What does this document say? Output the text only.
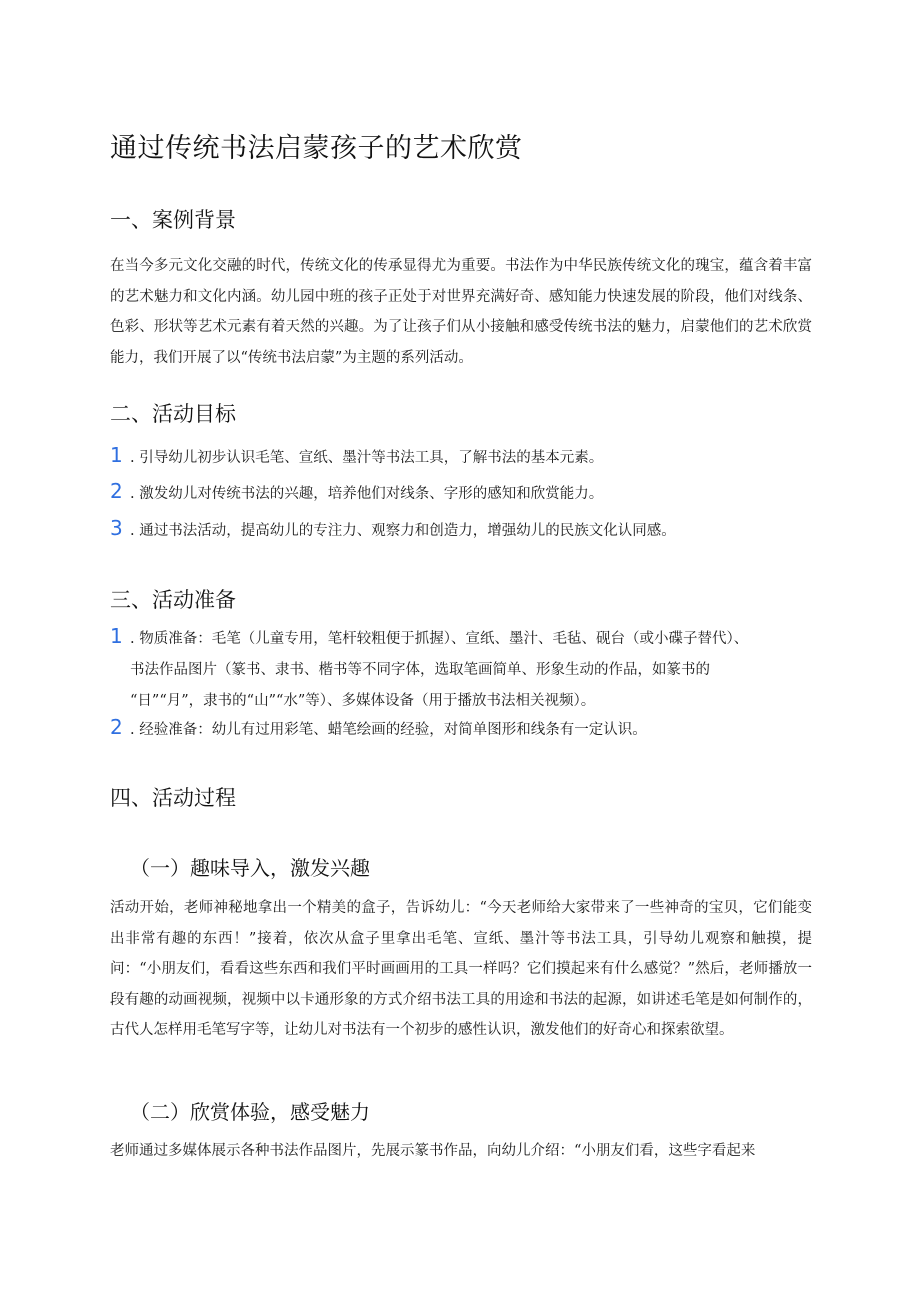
通过传统书法启蒙孩子的艺术欣赏
一、案例背景

在当今多元文化交融的时代，传统文化的传承显得尤为重要。书法作为中华民族传统文化的瑰宝，蕴含着丰富的艺术魅力和文化内涵。幼儿园中班的孩子正处于对世界充满好奇、感知能力快速发展的阶段，他们对线条、色彩、形状等艺术元素有着天然的兴趣。为了让孩子们从小接触和感受传统书法的魅力，启蒙他们的艺术欣赏能力，我们开展了以“传统书法启蒙”为主题的系列活动。

二、活动目标
1 . 引导幼儿初步认识毛笔、宣纸、墨汁等书法工具，了解书法的基本元素。
2 . 激发幼儿对传统书法的兴趣，培养他们对线条、字形的感知和欣赏能力。
3 . 通过书法活动，提高幼儿的专注力、观察力和创造力，增强幼儿的民族文化认同感。
三、活动准备
1 . 物质准备：毛笔（儿童专用，笔杆较粗便于抓握）、宣纸、墨汁、毛毡、砚台（或小碟子替代）、
书法作品图片（篆书、隶书、楷书等不同字体，选取笔画简单、形象生动的作品，如篆书的
“日”“月”，隶书的“山”“水”等）、多媒体设备（用于播放书法相关视频）。
2 . 经验准备：幼儿有过用彩笔、蜡笔绘画的经验，对简单图形和线条有一定认识。
四、活动过程
（一）趣味导入，激发兴趣

活动开始，老师神秘地拿出一个精美的盒子，告诉幼儿：“今天老师给大家带来了一些神奇的宝贝，它们能变出非常有趣的东西！”接着，依次从盒子里拿出毛笔、宣纸、墨汁等书法工具，引导幼儿观察和触摸，提问：“小朋友们，看看这些东西和我们平时画画用的工具一样吗？它们摸起来有什么感觉？”然后，老师播放一段有趣的动画视频，视频中以卡通形象的方式介绍书法工具的用途和书法的起源，如讲述毛笔是如何制作的，古代人怎样用毛笔写字等，让幼儿对书法有一个初步的感性认识，激发他们的好奇心和探索欲望。

（二）欣赏体验，感受魅力

老师通过多媒体展示各种书法作品图片，先展示篆书作品，向幼儿介绍：“小朋友们看，这些字看起来
